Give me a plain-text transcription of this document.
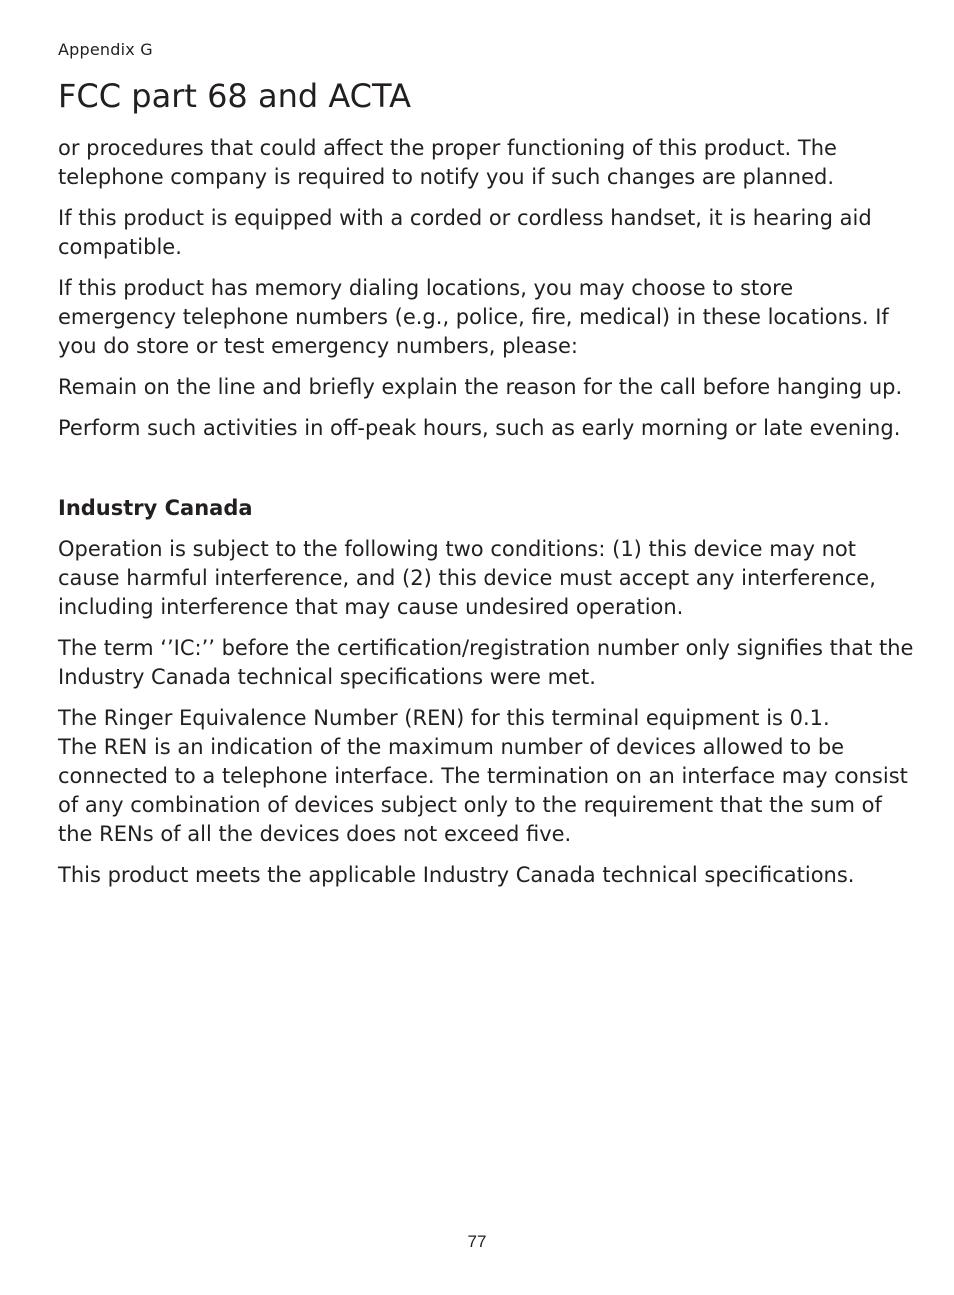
Appendix G
FCC part 68 and ACTA

or procedures that could affect the proper functioning of this product. The telephone company is required to notify you if such changes are planned.

If this product is equipped with a corded or cordless handset, it is hearing aid compatible.

If this product has memory dialing locations, you may choose to store emergency telephone numbers (e.g., police, fire, medical) in these locations. If you do store or test emergency numbers, please:

Remain on the line and briefly explain the reason for the call before hanging up.

Perform such activities in off-peak hours, such as early morning or late evening.

Industry Canada

Operation is subject to the following two conditions: (1) this device may not cause harmful interference, and (2) this device must accept any interference, including interference that may cause undesired operation.

The term ‘’IC:’’ before the certification/registration number only signifies that the Industry Canada technical specifications were met.

The Ringer Equivalence Number (REN) for this terminal equipment is 0.1.

The REN is an indication of the maximum number of devices allowed to be connected to a telephone interface. The termination on an interface may consist of any combination of devices subject only to the requirement that the sum of the RENs of all the devices does not exceed five.

This product meets the applicable Industry Canada technical specifications.

77
